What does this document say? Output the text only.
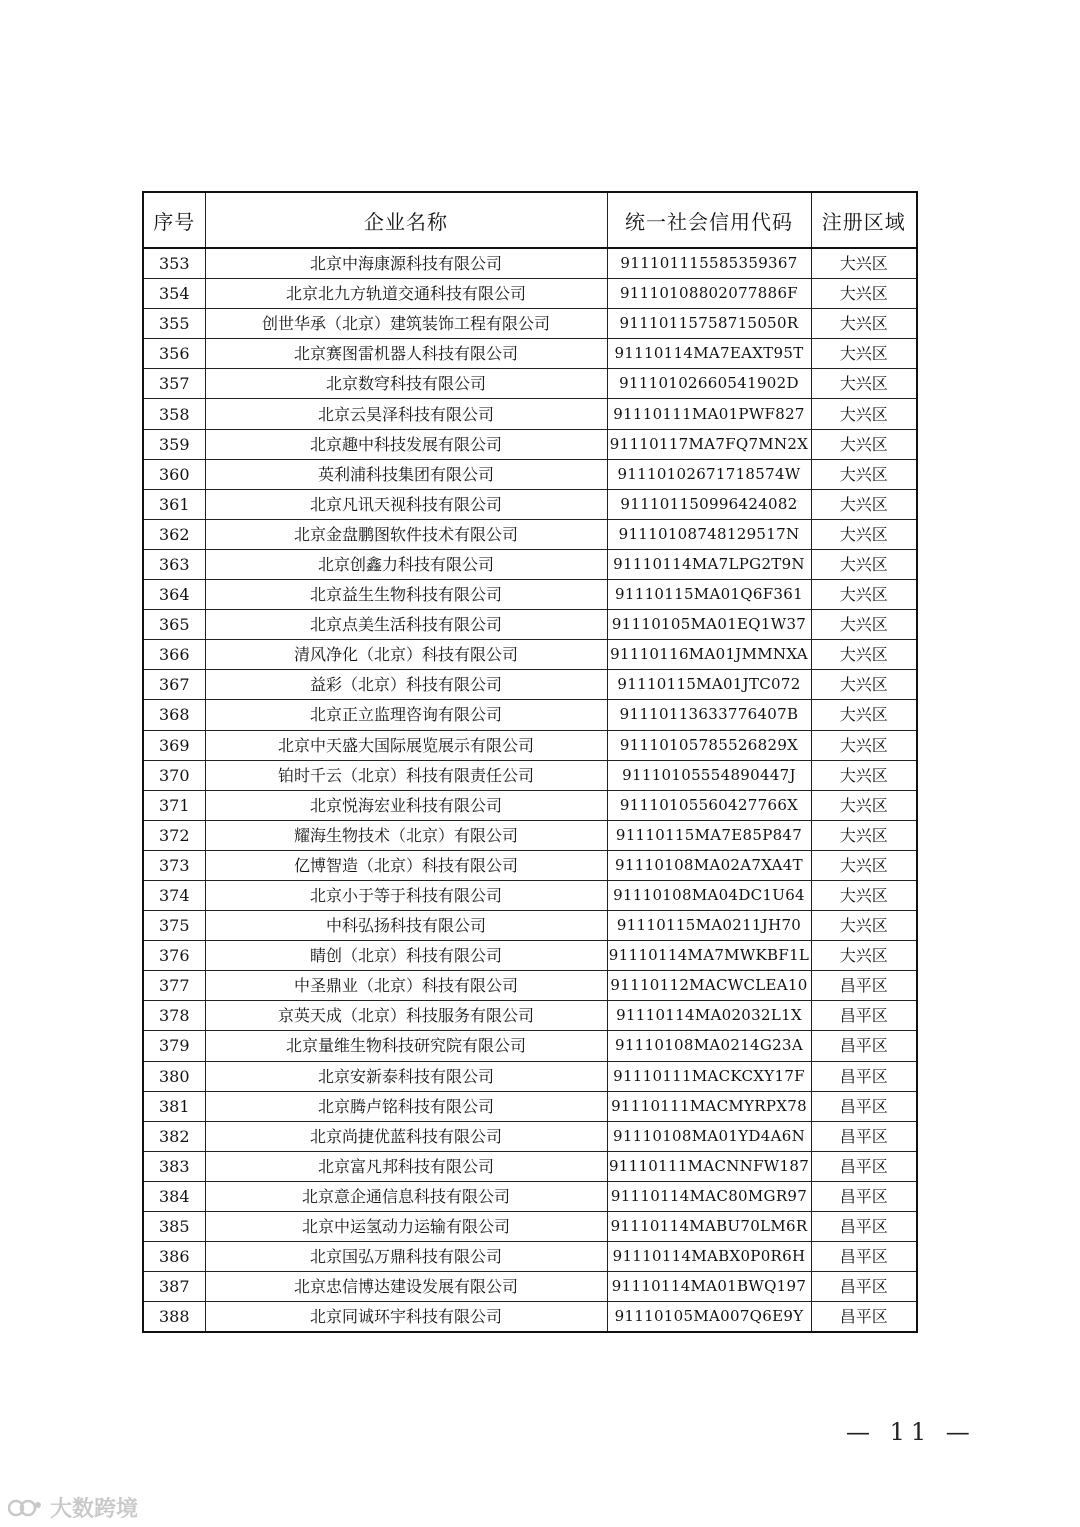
序号	企业名称	统一社会信用代码	注册区域
353	北京中海康源科技有限公司	911101115585359367	大兴区
354	北京北九方轨道交通科技有限公司	91110108802077886F	大兴区
355	创世华承（北京）建筑装饰工程有限公司	91110115758715050R	大兴区
356	北京赛图雷机器人科技有限公司	91110114MA7EAXT95T	大兴区
357	北京数穹科技有限公司	91110102660541902D	大兴区
358	北京云昊泽科技有限公司	91110111MA01PWF827	大兴区
359	北京趣中科技发展有限公司	91110117MA7FQ7MN2X	大兴区
360	英利浦科技集团有限公司	91110102671718574W	大兴区
361	北京凡讯天视科技有限公司	911101150996424082	大兴区
362	北京金盘鹏图软件技术有限公司	91110108748129517N	大兴区
363	北京创鑫力科技有限公司	91110114MA7LPG2T9N	大兴区
364	北京益生生物科技有限公司	91110115MA01Q6F361	大兴区
365	北京点美生活科技有限公司	91110105MA01EQ1W37	大兴区
366	清风净化（北京）科技有限公司	91110116MA01JMMNXA	大兴区
367	益彩（北京）科技有限公司	91110115MA01JTC072	大兴区
368	北京正立监理咨询有限公司	91110113633776407B	大兴区
369	北京中天盛大国际展览展示有限公司	91110105785526829X	大兴区
370	铂时千云（北京）科技有限责任公司	91110105554890447J	大兴区
371	北京悦海宏业科技有限公司	91110105560427766X	大兴区
372	耀海生物技术（北京）有限公司	91110115MA7E85P847	大兴区
373	亿博智造（北京）科技有限公司	91110108MA02A7XA4T	大兴区
374	北京小于等于科技有限公司	91110108MA04DC1U64	大兴区
375	中科弘扬科技有限公司	91110115MA0211JH70	大兴区
376	睛创（北京）科技有限公司	91110114MA7MWKBF1L	大兴区
377	中圣鼎业（北京）科技有限公司	91110112MACWCLEA10	昌平区
378	京英天成（北京）科技服务有限公司	91110114MA02032L1X	昌平区
379	北京量维生物科技研究院有限公司	91110108MA0214G23A	昌平区
380	北京安新泰科技有限公司	91110111MACKCXY17F	昌平区
381	北京腾卢铭科技有限公司	91110111MACMYRPX78	昌平区
382	北京尚捷优蓝科技有限公司	91110108MA01YD4A6N	昌平区
383	北京富凡邦科技有限公司	91110111MACNNFW187	昌平区
384	北京意企通信息科技有限公司	91110114MAC80MGR97	昌平区
385	北京中运氢动力运输有限公司	91110114MABU70LM6R	昌平区
386	北京国弘万鼎科技有限公司	91110114MABX0P0R6H	昌平区
387	北京忠信博达建设发展有限公司	91110114MA01BWQ197	昌平区
388	北京同诚环宇科技有限公司	91110105MA007Q6E9Y	昌平区
— 11 —
大数跨境
